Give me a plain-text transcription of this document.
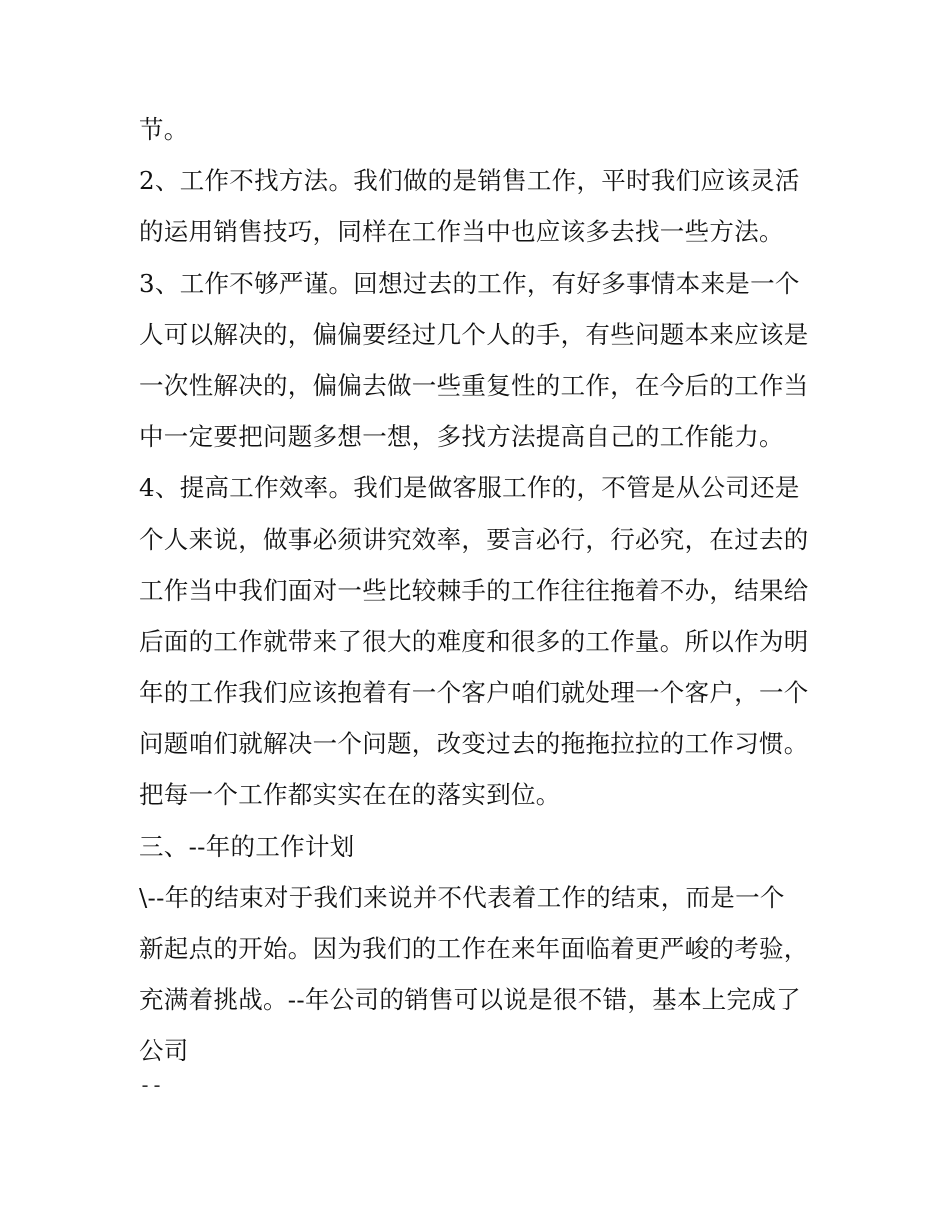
节。
2、工作不找方法。我们做的是销售工作，平时我们应该灵活
的运用销售技巧，同样在工作当中也应该多去找一些方法。
3、工作不够严谨。回想过去的工作，有好多事情本来是一个
人可以解决的，偏偏要经过几个人的手，有些问题本来应该是
一次性解决的，偏偏去做一些重复性的工作，在今后的工作当
中一定要把问题多想一想，多找方法提高自己的工作能力。
4、提高工作效率。我们是做客服工作的，不管是从公司还是
个人来说，做事必须讲究效率，要言必行，行必究，在过去的
工作当中我们面对一些比较棘手的工作往往拖着不办，结果给
后面的工作就带来了很大的难度和很多的工作量。所以作为明
年的工作我们应该抱着有一个客户咱们就处理一个客户，一个
问题咱们就解决一个问题，改变过去的拖拖拉拉的工作习惯。
把每一个工作都实实在在的落实到位。
三、--年的工作计划
\--年的结束对于我们来说并不代表着工作的结束，而是一个
新起点的开始。因为我们的工作在来年面临着更严峻的考验，
充满着挑战。--年公司的销售可以说是很不错，基本上完成了
公司
--
